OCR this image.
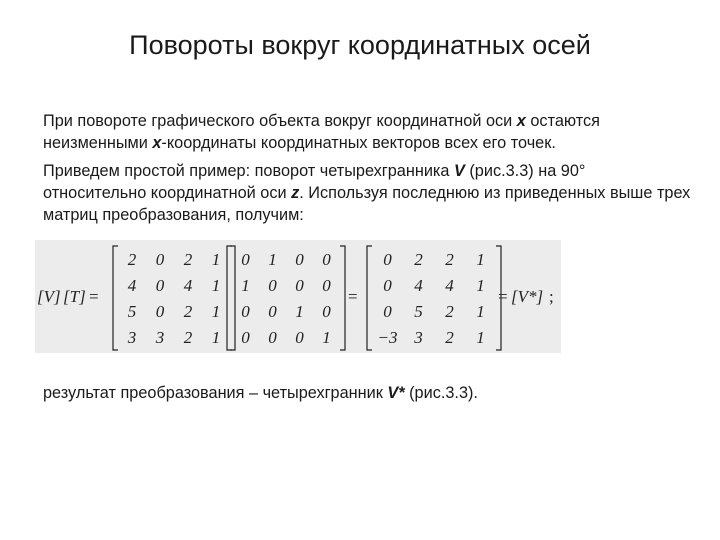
Повороты вокруг координатных осей
При повороте графического объекта вокруг координатной оси x остаются неизменными x-координаты координатных векторов всех его точек.
Приведем простой пример: поворот четырехгранника V (рис.3.3) на 90° относительно координатной оси z. Используя последнюю из приведенных выше трех матриц преобразования, получим:
[V] [T] =
2 0 2 1
4 0 4 1
5 0 2 1
3 3 2 1
0 1 0 0
1 0 0 0
0 0 1 0
0 0 0 1
=
0 2 2 1
0 4 4 1
0 5 2 1
−3 3 2 1
= [V*] ;
результат преобразования – четырехгранник V* (рис.3.3).
